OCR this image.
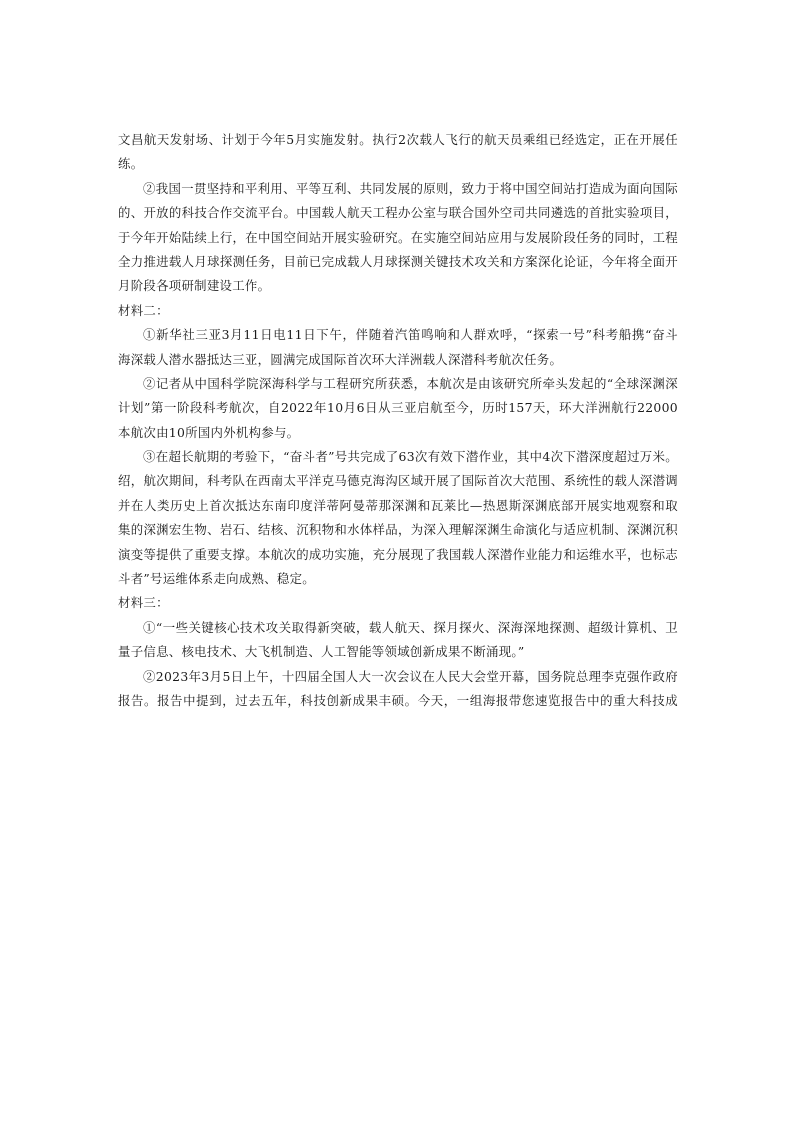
文昌航天发射场、计划于今年5月实施发射。执行2次载人飞行的航天员乘组已经选定，正在开展任
练。
②我国一贯坚持和平利用、平等互利、共同发展的原则，致力于将中国空间站打造成为面向国际
的、开放的科技合作交流平台。中国载人航天工程办公室与联合国外空司共同遴选的首批实验项目，
于今年开始陆续上行，在中国空间站开展实验研究。在实施空间站应用与发展阶段任务的同时，工程
全力推进载人月球探测任务，目前已完成载人月球探测关键技术攻关和方案深化论证，今年将全面开
月阶段各项研制建设工作。
材料二：
①新华社三亚3月11日电11日下午，伴随着汽笛鸣响和人群欢呼，“探索一号”科考船携“奋斗
海深载人潜水器抵达三亚，圆满完成国际首次环大洋洲载人深潜科考航次任务。
②记者从中国科学院深海科学与工程研究所获悉，本航次是由该研究所牵头发起的“全球深渊深
计划”第一阶段科考航次，自2022年10月6日从三亚启航至今，历时157天，环大洋洲航行22000
本航次由10所国内外机构参与。
③在超长航期的考验下，“奋斗者”号共完成了63次有效下潜作业，其中4次下潜深度超过万米。
绍，航次期间，科考队在西南太平洋克马德克海沟区域开展了国际首次大范围、系统性的载人深潜调
并在人类历史上首次抵达东南印度洋蒂阿曼蒂那深渊和瓦莱比—热恩斯深渊底部开展实地观察和取
集的深渊宏生物、岩石、结核、沉积物和水体样品，为深入理解深渊生命演化与适应机制、深渊沉积
演变等提供了重要支撑。本航次的成功实施，充分展现了我国载人深潜作业能力和运维水平，也标志
斗者”号运维体系走向成熟、稳定。
材料三：
①“一些关键核心技术攻关取得新突破，载人航天、探月探火、深海深地探测、超级计算机、卫
量子信息、核电技术、大飞机制造、人工智能等领域创新成果不断涌现。”
②2023年3月5日上午，十四届全国人大一次会议在人民大会堂开幕，国务院总理李克强作政府
报告。报告中提到，过去五年，科技创新成果丰硕。今天，一组海报带您速览报告中的重大科技成
